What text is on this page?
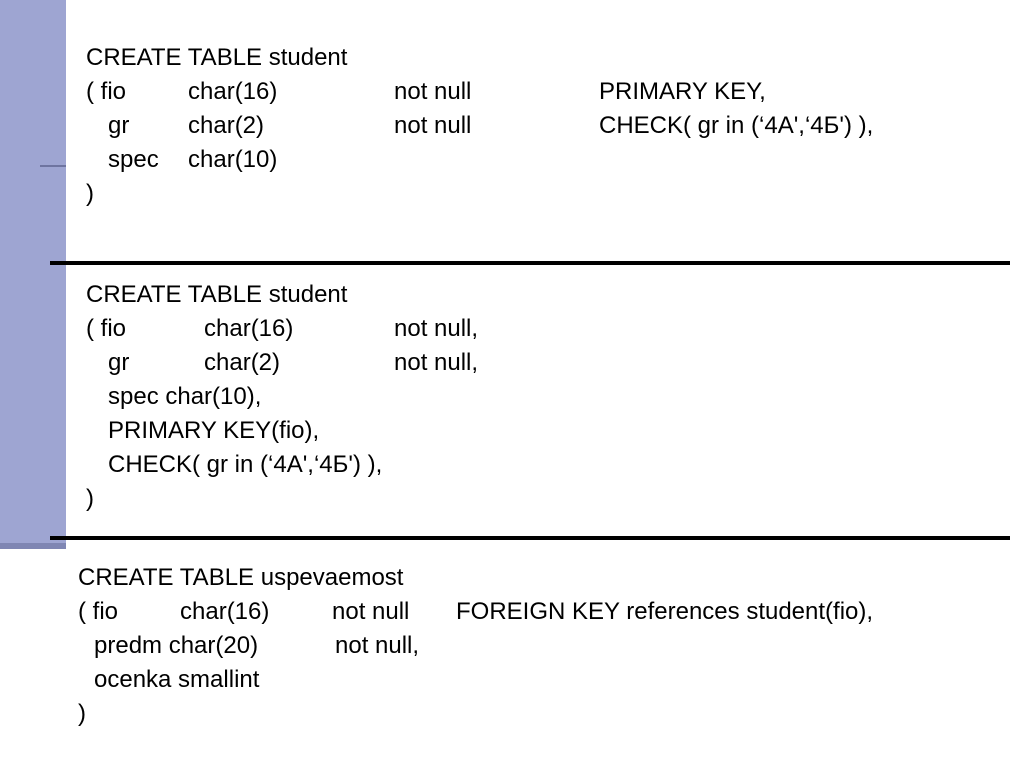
CREATE TABLE student
( fio	char(16)	not null	PRIMARY KEY,
gr char(2)	not null	CHECK( gr in (‘4A',‘4Б') ),
spec char(10)
)
CREATE TABLE student
( fio	char(16)	not null,
gr	char(2)	not null,
spec char(10),
PRIMARY KEY(fio),
CHECK( gr in (‘4A',‘4Б') ),
)
CREATE TABLE uspevaemost
( fio	char(16)	not null FOREIGN KEY references student(fio),
predm char(20)	not null,
ocenka smallint
)
